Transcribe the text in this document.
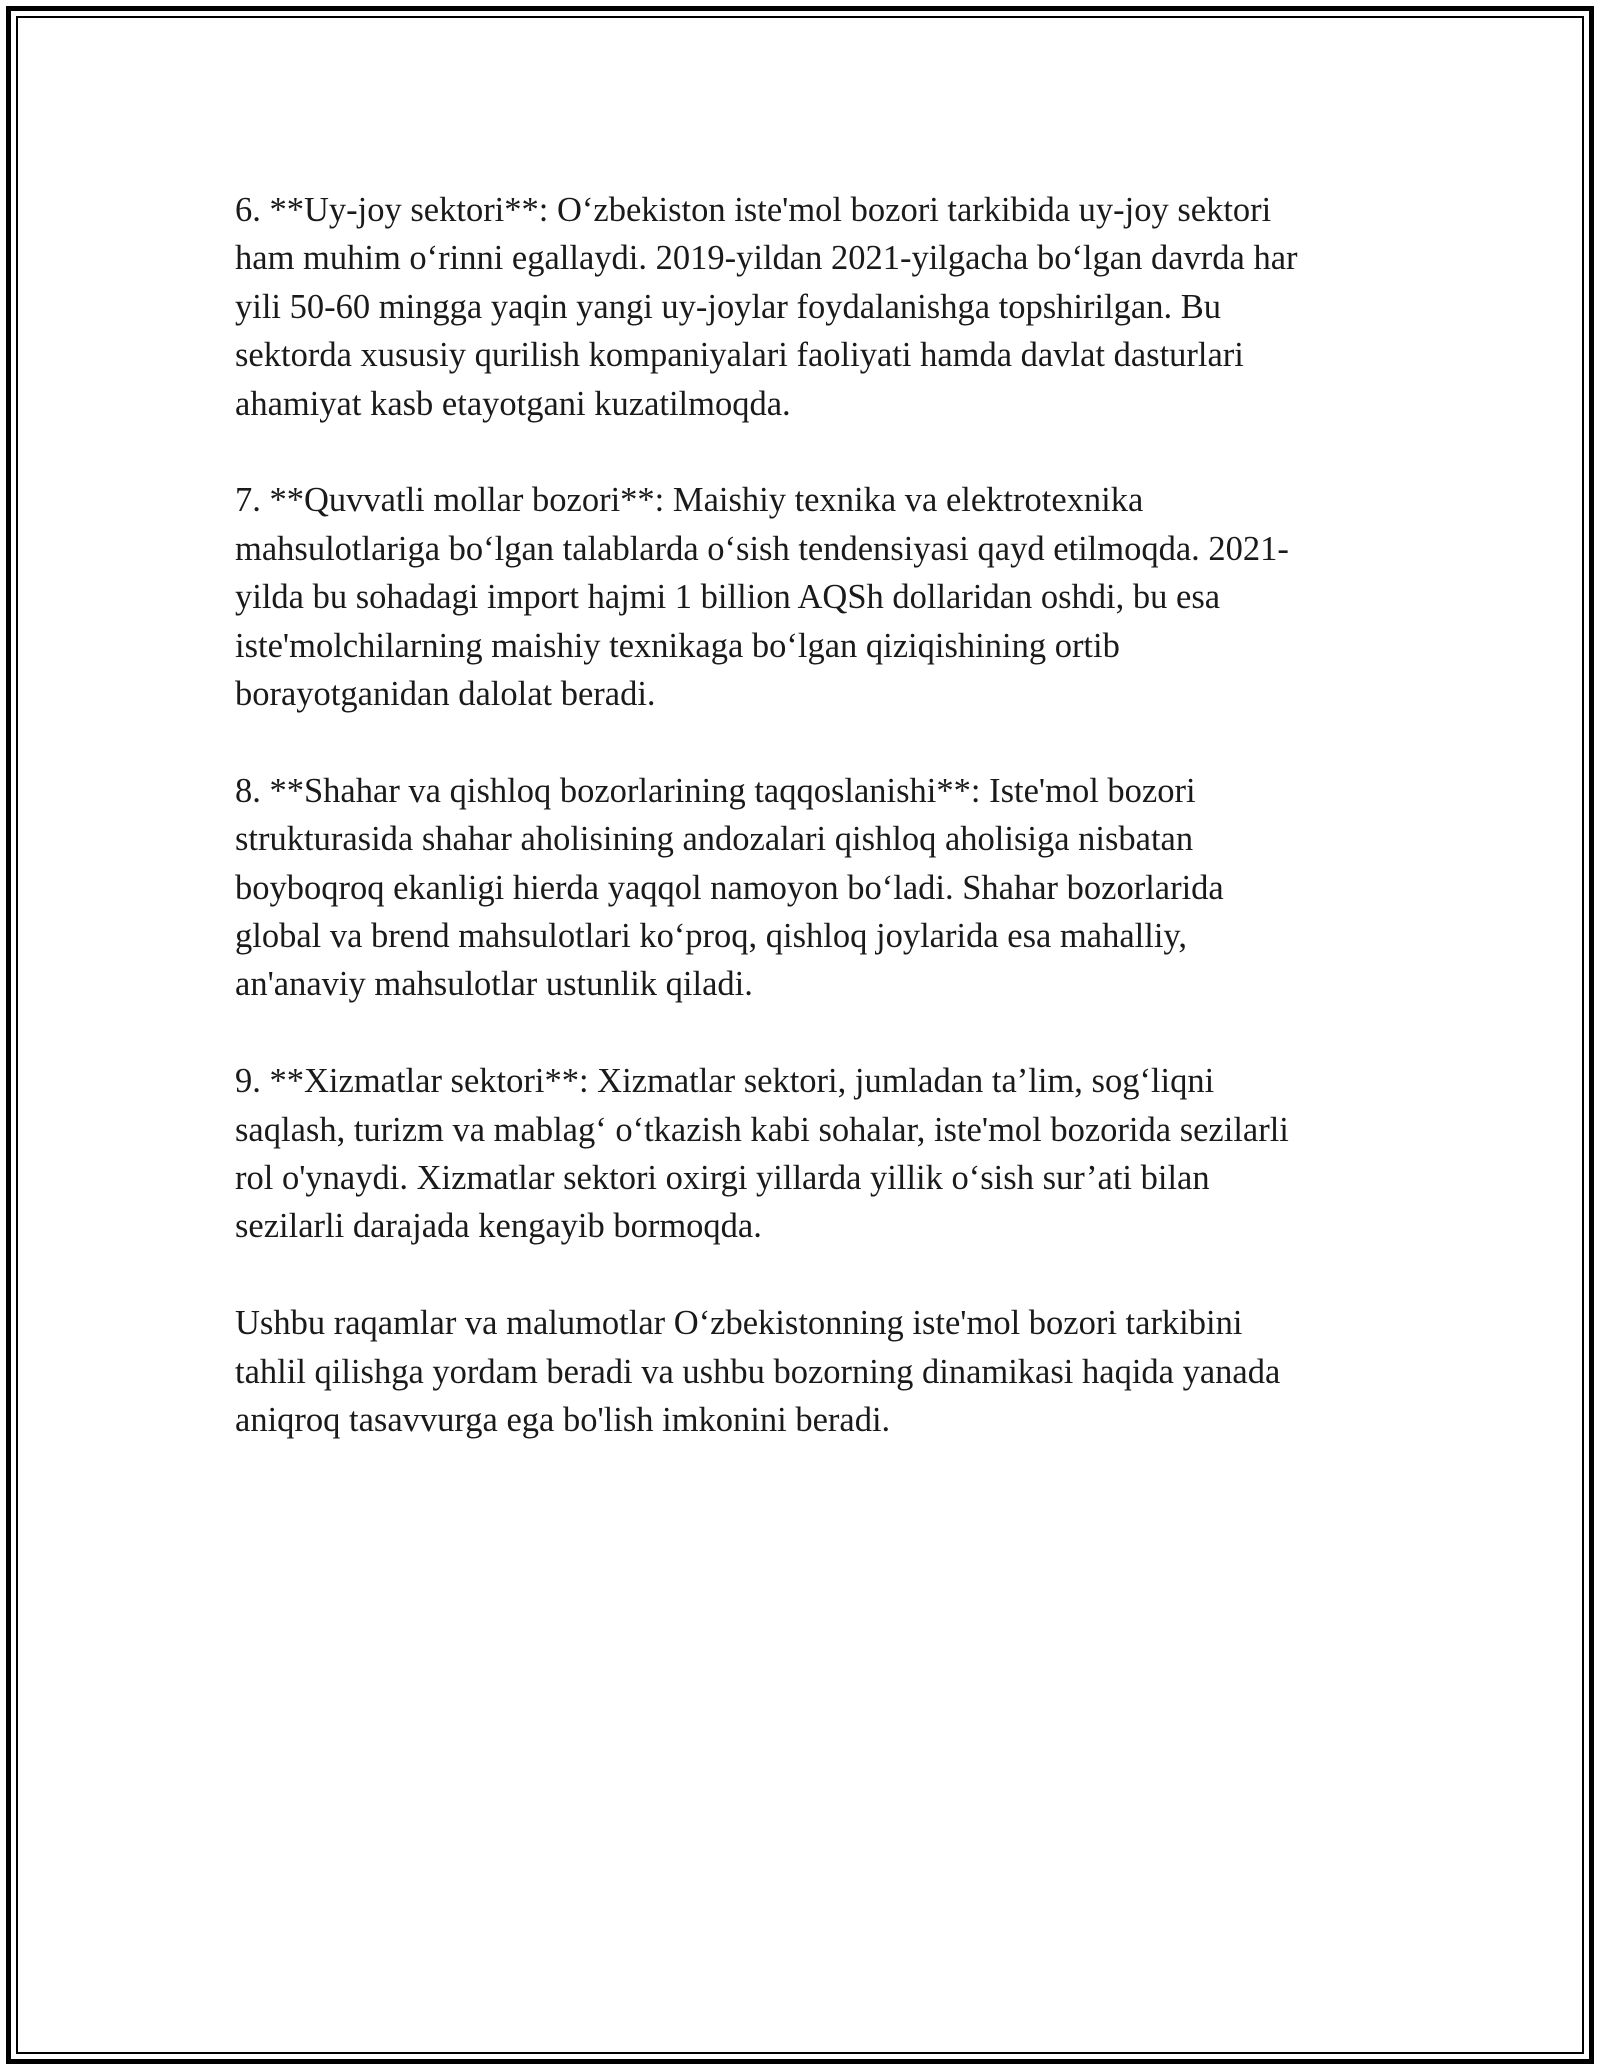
6. **Uy-joy sektori**: O‘zbekiston iste'mol bozori tarkibida uy-joy sektori
ham muhim o‘rinni egallaydi. 2019-yildan 2021-yilgacha bo‘lgan davrda har
yili 50-60 mingga yaqin yangi uy-joylar foydalanishga topshirilgan. Bu
sektorda xususiy qurilish kompaniyalari faoliyati hamda davlat dasturlari
ahamiyat kasb etayotgani kuzatilmoqda.

7. **Quvvatli mollar bozori**: Maishiy texnika va elektrotexnika
mahsulotlariga bo‘lgan talablarda o‘sish tendensiyasi qayd etilmoqda. 2021-
yilda bu sohadagi import hajmi 1 billion AQSh dollaridan oshdi, bu esa
iste'molchilarning maishiy texnikaga bo‘lgan qiziqishining ortib
borayotganidan dalolat beradi.

8. **Shahar va qishloq bozorlarining taqqoslanishi**: Iste'mol bozori
strukturasida shahar aholisining andozalari qishloq aholisiga nisbatan
boyboqroq ekanligi hierda yaqqol namoyon bo‘ladi. Shahar bozorlarida
global va brend mahsulotlari ko‘proq, qishloq joylarida esa mahalliy,
an'anaviy mahsulotlar ustunlik qiladi.

9. **Xizmatlar sektori**: Xizmatlar sektori, jumladan ta’lim, sog‘liqni
saqlash, turizm va mablag‘ o‘tkazish kabi sohalar, iste'mol bozorida sezilarli
rol o'ynaydi. Xizmatlar sektori oxirgi yillarda yillik o‘sish sur’ati bilan
sezilarli darajada kengayib bormoqda.

Ushbu raqamlar va malumotlar O‘zbekistonning iste'mol bozori tarkibini
tahlil qilishga yordam beradi va ushbu bozorning dinamikasi haqida yanada
aniqroq tasavvurga ega bo'lish imkonini beradi.
